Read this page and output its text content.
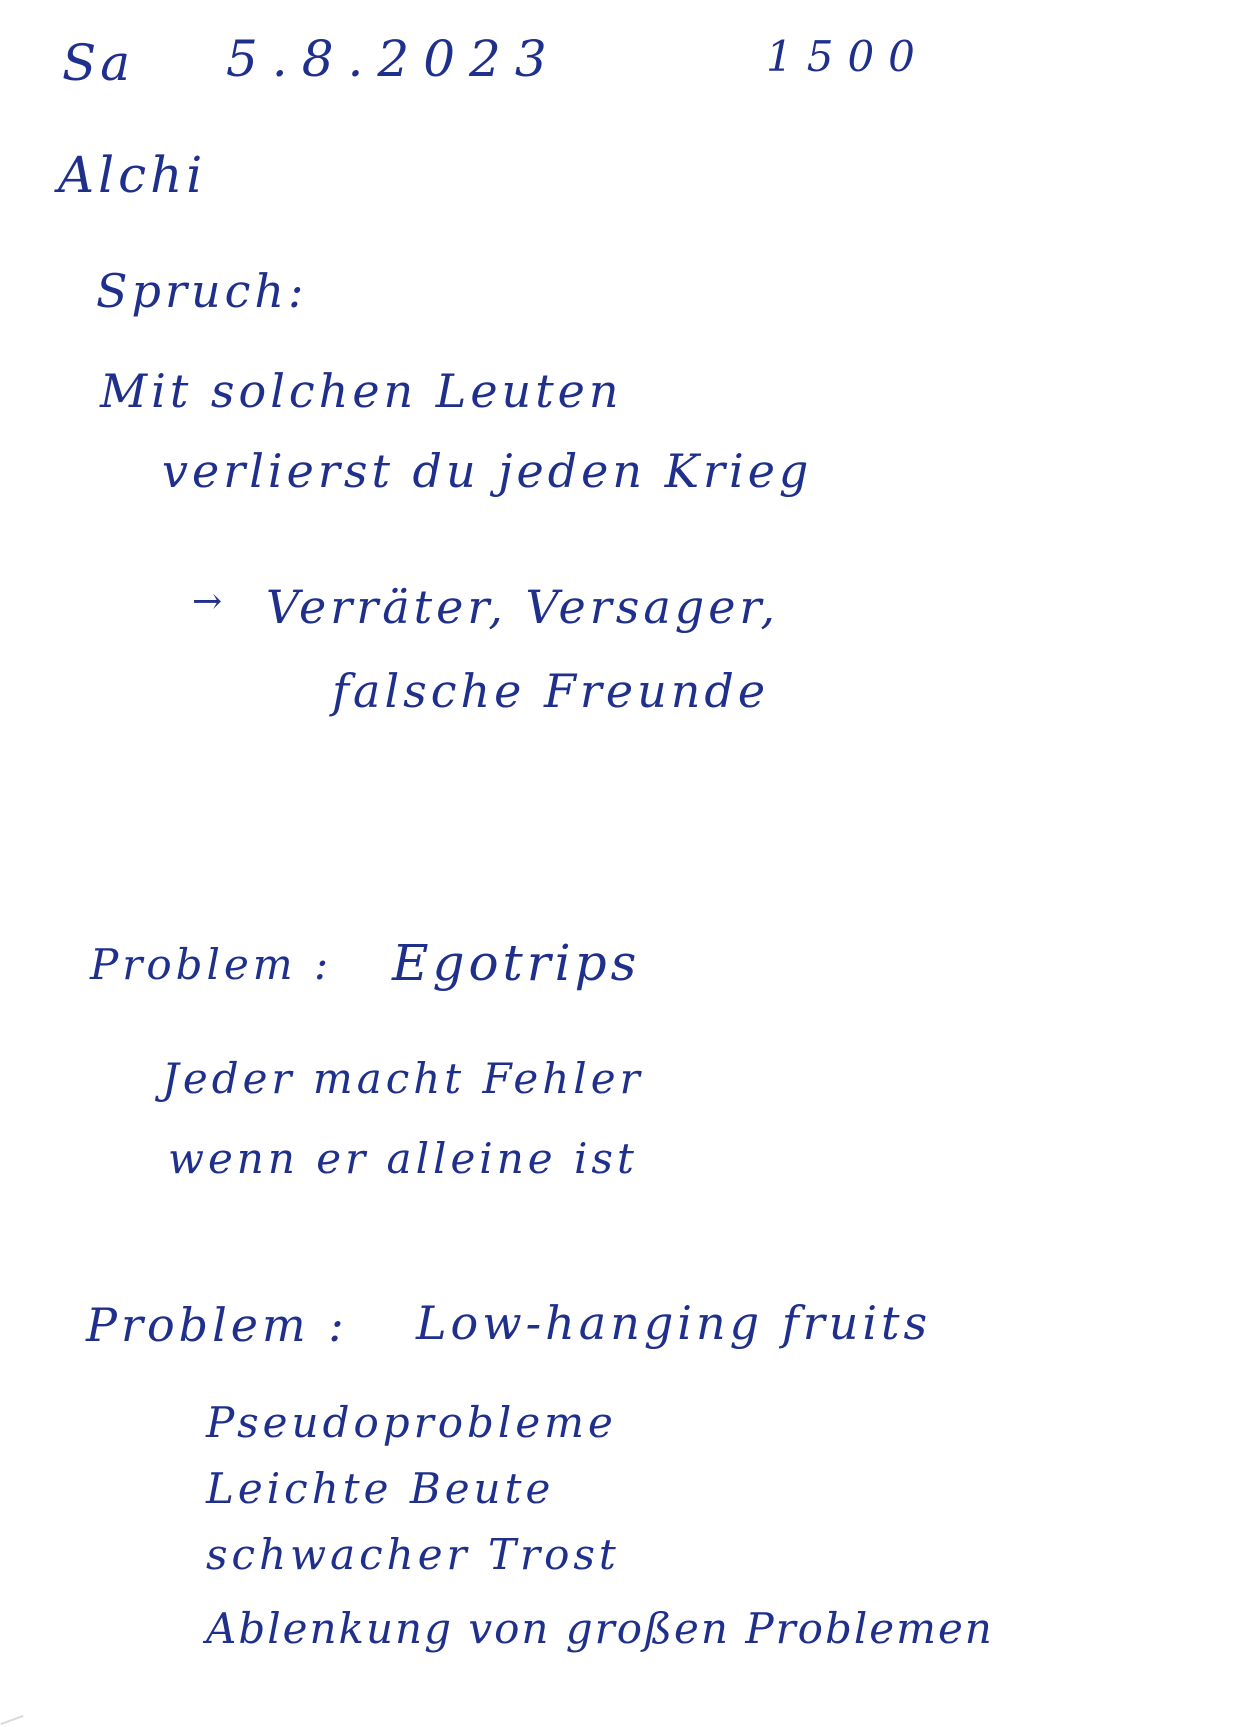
Sa 5.8.2023	1500
Alchi
Spruch:
Mit solchen Leuten
verlierst du jeden Krieg
→ Verräter, Versager,
falsche Freunde
Problem : Egotrips
Jeder macht Fehler
wenn er alleine ist
Problem : Low-hanging fruits
Pseudoprobleme
Leichte Beute
schwacher Trost
Ablenkung von großen Problemen
